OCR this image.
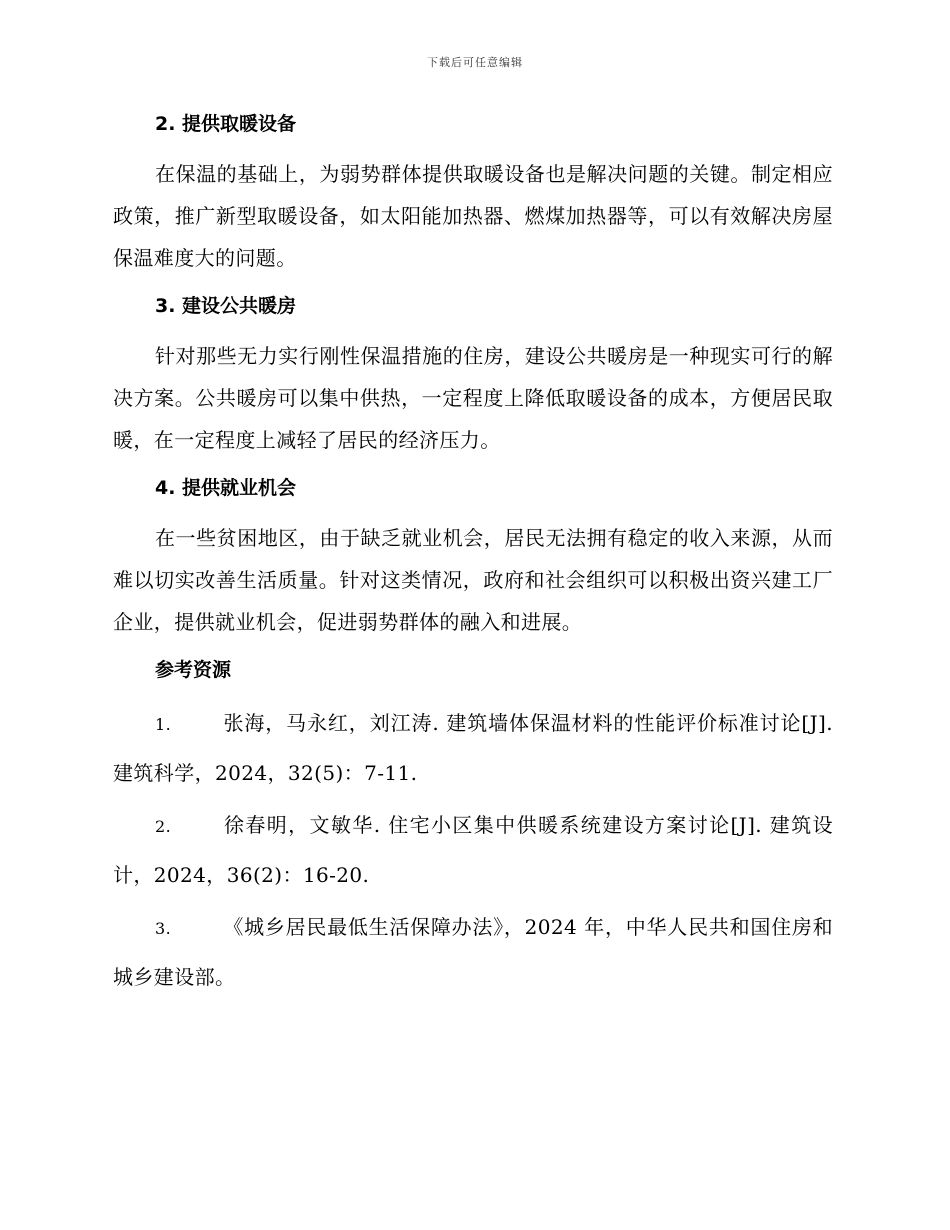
下载后可任意编辑
2. 提供取暖设备

在保温的基础上，为弱势群体提供取暖设备也是解决问题的关键。制定相应政策，推广新型取暖设备，如太阳能加热器、燃煤加热器等，可以有效解决房屋保温难度大的问题。

3. 建设公共暖房

针对那些无力实行刚性保温措施的住房，建设公共暖房是一种现实可行的解决方案。公共暖房可以集中供热，一定程度上降低取暖设备的成本，方便居民取暖，在一定程度上减轻了居民的经济压力。

4. 提供就业机会

在一些贫困地区，由于缺乏就业机会，居民无法拥有稳定的收入来源，从而难以切实改善生活质量。针对这类情况，政府和社会组织可以积极出资兴建工厂企业，提供就业机会，促进弱势群体的融入和进展。

参考资源

1.	张海，马永红，刘江涛. 建筑墙体保温材料的性能评价标准讨论[J]. 建筑科学，2024，32(5)：7-11.

2.	徐春明，文敏华. 住宅小区集中供暖系统建设方案讨论[J]. 建筑设计，2024，36(2)：16-20.

3.	《城乡居民最低生活保障办法》，2024 年，中华人民共和国住房和城乡建设部。
